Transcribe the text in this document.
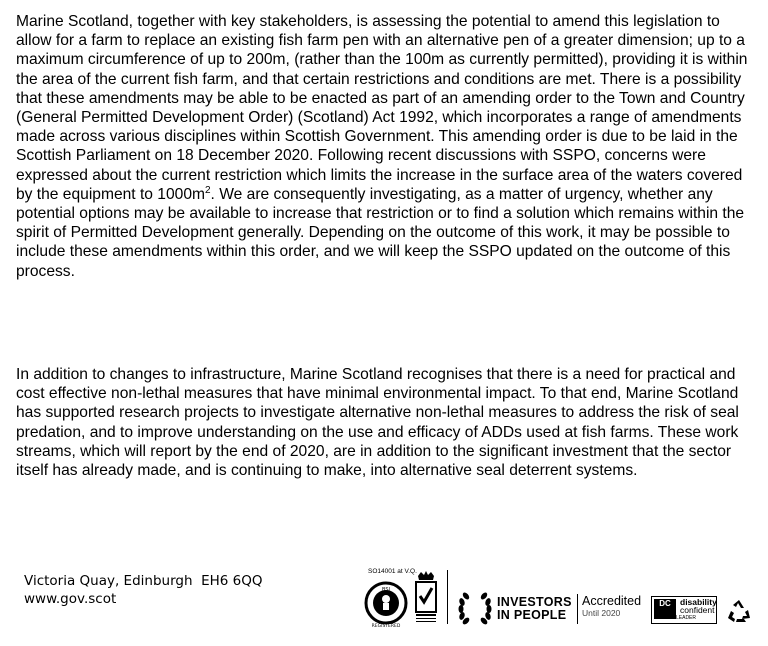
Marine Scotland, together with key stakeholders, is assessing the potential to amend this legislation to allow for a farm to replace an existing fish farm pen with an alternative pen of a greater dimension; up to a maximum circumference of up to 200m, (rather than the 100m as currently permitted), providing it is within the area of the current fish farm, and that certain restrictions and conditions are met. There is a possibility that these amendments may be able to be enacted as part of an amending order to the Town and Country (General Permitted Development Order) (Scotland) Act 1992, which incorporates a range of amendments made across various disciplines within Scottish Government. This amending order is due to be laid in the Scottish Parliament on 18 December 2020. Following recent discussions with SSPO, concerns were expressed about the current restriction which limits the increase in the surface area of the waters covered by the equipment to $1000m^2$. We are consequently investigating, as a matter of urgency, whether any potential options may be available to increase that restriction or to find a solution which remains within the spirit of Permitted Development generally. Depending on the outcome of this work, it may be possible to include these amendments within this order, and we will keep the SSPO updated on the outcome of this process.

In addition to changes to infrastructure, Marine Scotland recognises that there is a need for practical and cost effective non-lethal measures that have minimal environmental impact. To that end, Marine Scotland has supported research projects to investigate alternative non-lethal measures to address the risk of seal predation, and to improve understanding on the use and efficacy of ADDs used at fish farms. These work streams, which will report by the end of 2020, are in addition to the significant investment that the sector itself has already made, and is continuing to make, into alternative seal deterrent systems.

Victoria Quay, Edinburgh  EH6 6QQ
www.gov.scot
SO14001 at V.Q.
BSI
REGISTERED
INVESTORS
IN PEOPLE
Accredited
Until 2020
DC	disability
confident
LEADER
